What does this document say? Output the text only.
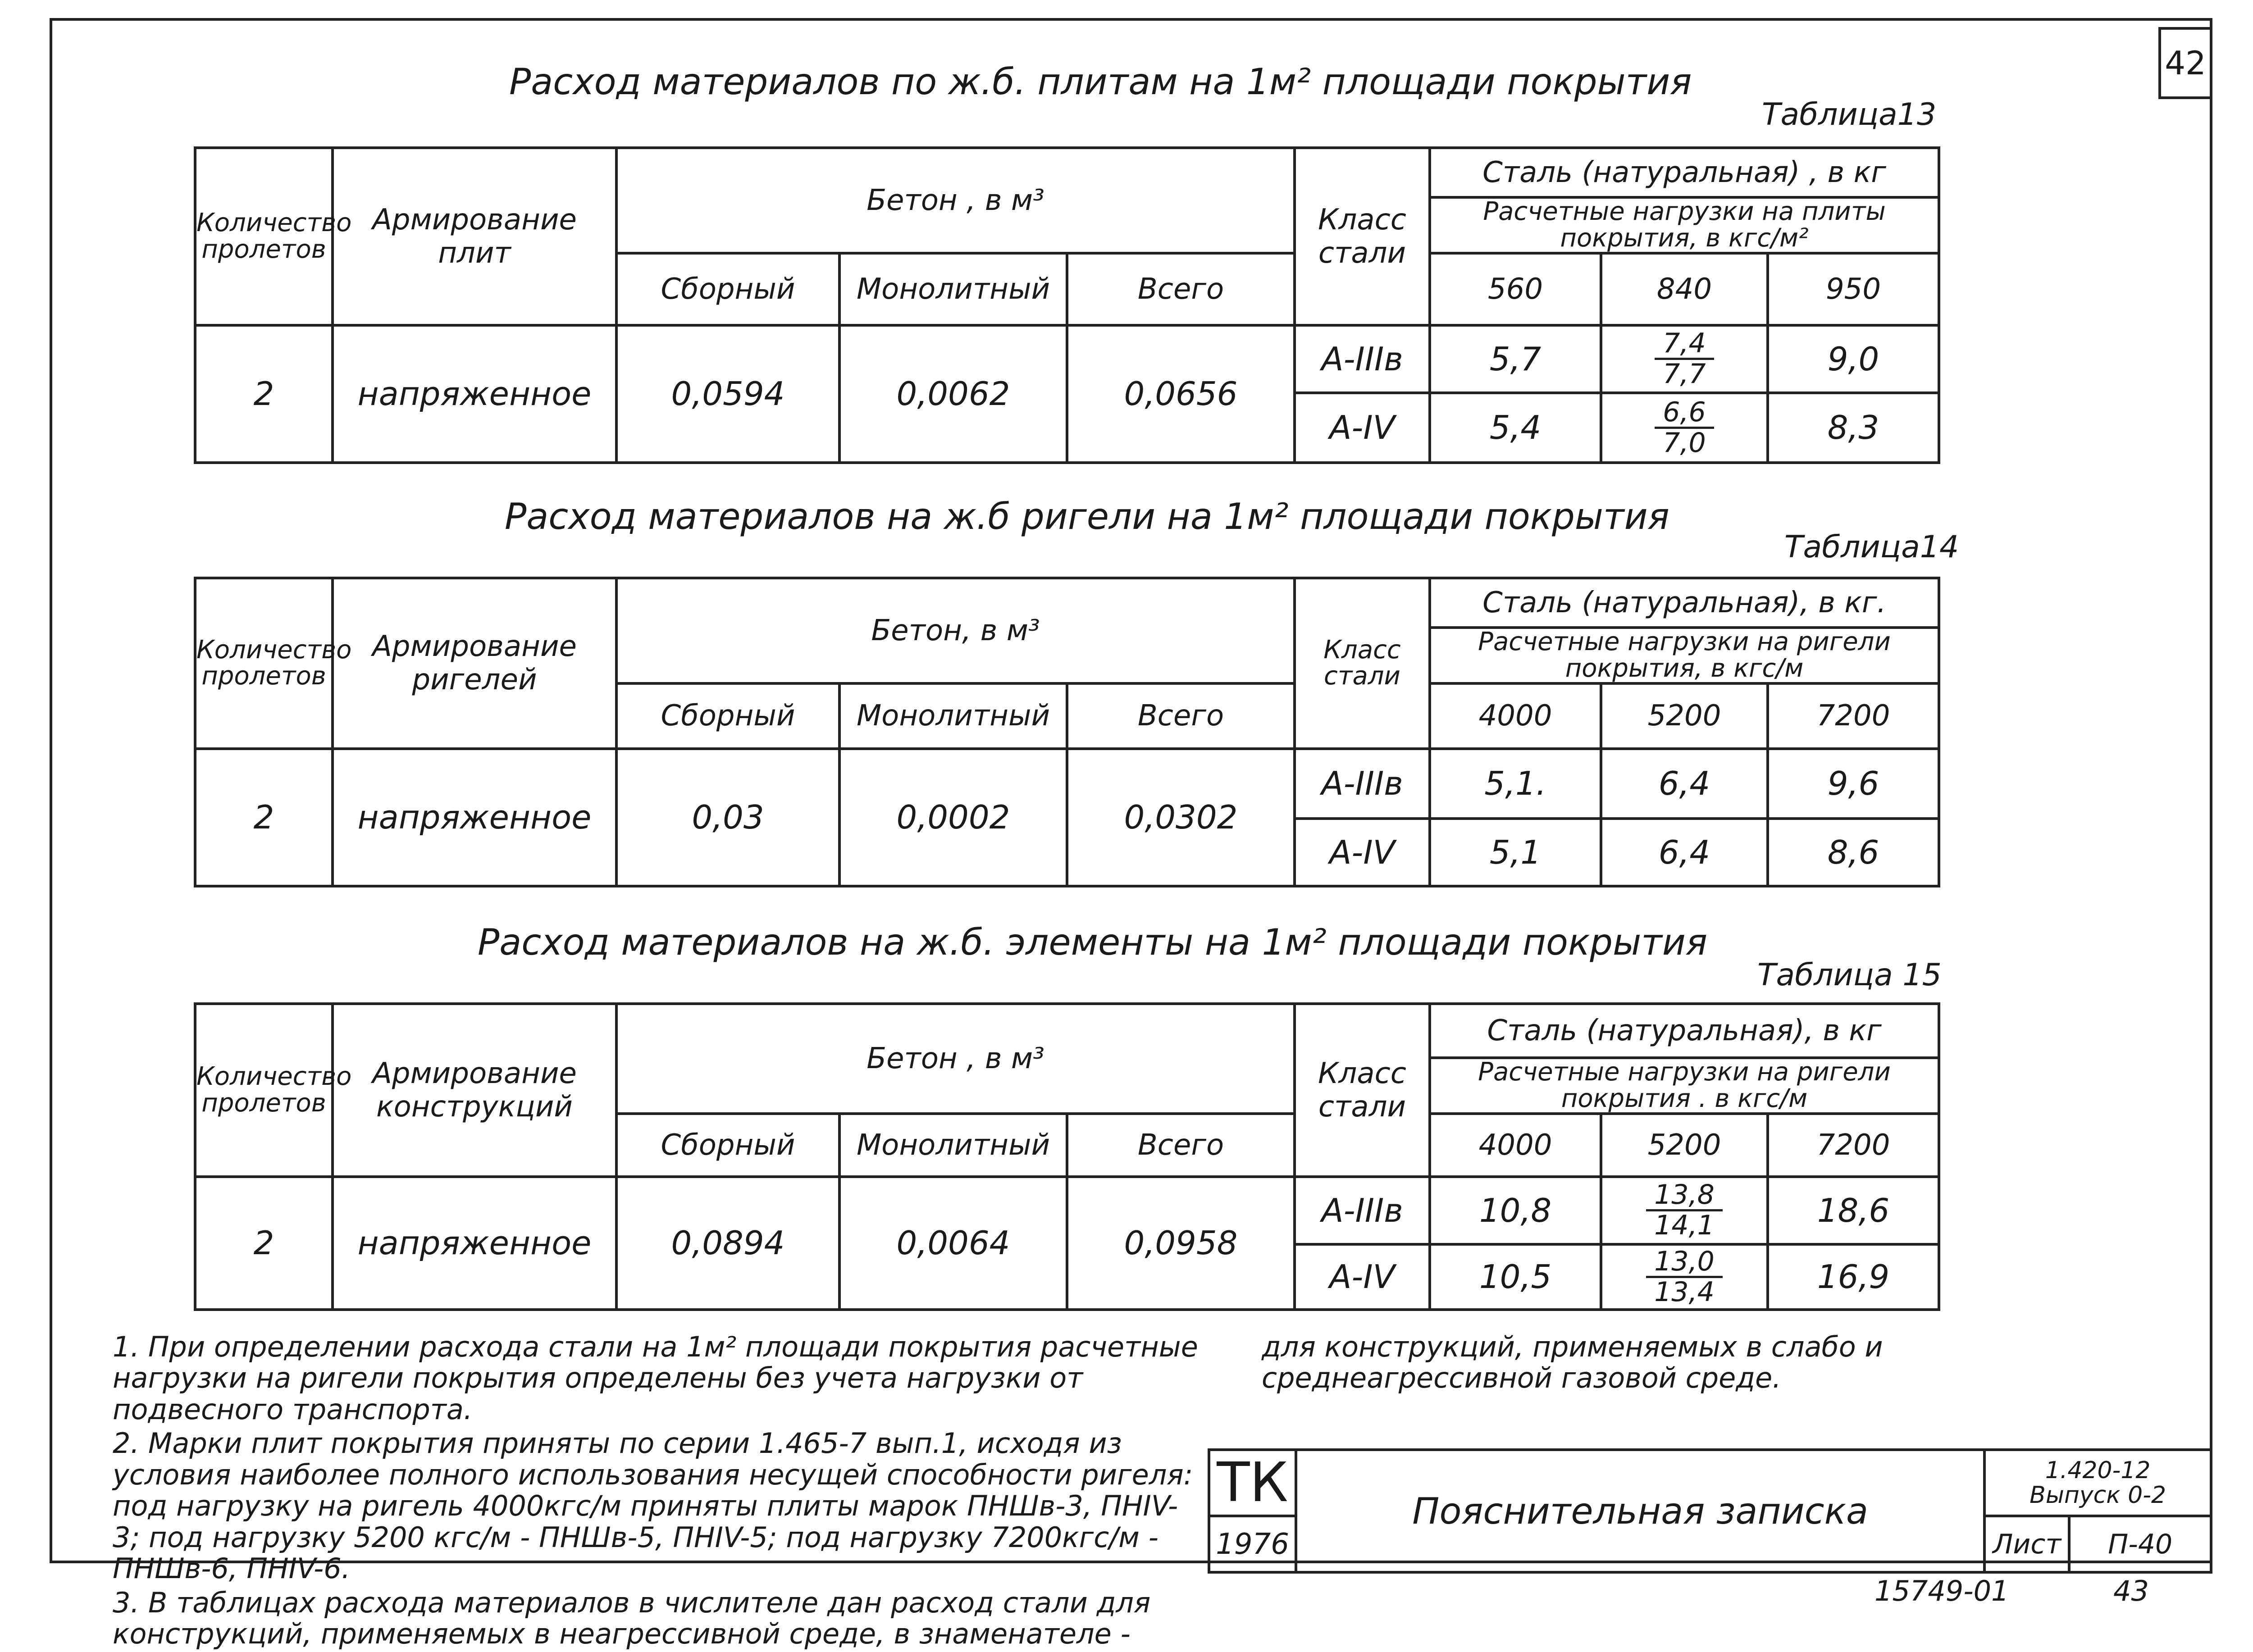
42
Расход материалов по ж.б. плитам на 1м² площади покрытия
Таблица13
Количество пролетов	Армирование плит	Бетон , в м³			Класс стали	Сталь (натуральная) , в кг		
						Расчетные нагрузки на плиты покрытия, в кгс/м²		
		Сборный	Монолитный	Всего		560	840	950
2	напряженное	0,0594	0,0062	0,0656	А-IIIв	5,7	$\frac{7,4}{7,7}$	9,0
					А-IV	5,4	$\frac{6,6}{7,0}$	8,3
Расход материалов на ж.б ригели на 1м² площади покрытия
Таблица14
Количество пролетов	Армирование ригелей	Бетон, в м³			Класс стали	Сталь (натуральная), в кг.		
						Расчетные нагрузки на ригели покрытия, в кгс/м		
		Сборный	Монолитный	Всего		4000	5200	7200
2	напряженное	0,03	0,0002	0,0302	А-IIIв	5,1.	6,4	9,6
					А-IV	5,1	6,4	8,6
Расход материалов на ж.б. элементы на 1м² площади покрытия
Таблица 15
Количество пролетов	Армирование конструкций	Бетон , в м³			Класс стали	Сталь (натуральная), в кг		
						Расчетные нагрузки на ригели покрытия . в кгс/м		
		Сборный	Монолитный	Всего		4000	5200	7200
2	напряженное	0,0894	0,0064	0,0958	А-IIIв	10,8	$\frac{13,8}{14,1}$	18,6
					А-IV	10,5	$\frac{13,0}{13,4}$	16,9

1. При определении расхода стали на 1м² площади покрытия расчетные нагрузки на ригели покрытия определены без учета нагрузки от подвесного транспорта.

2. Марки плит покрытия приняты по серии 1.465-7 вып.1, исходя из условия наиболее полного использования несущей способности ригеля: под нагрузку на ригель 4000кгс/м приняты плиты марок ПНШв-3, ПНIV-3; под нагрузку 5200 кгс/м - ПНШв-5, ПНIV-5; под нагрузку 7200кгс/м - ПНШв-6, ПНIV-6.

3. В таблицах расхода материалов в числителе дан расход стали для конструкций, применяемых в неагрессивной среде, в знаменателе -

для конструкций, применяемых в слабо и среднеагрессивной газовой среде.
ТК	Пояснительная записка	1.420-12
Выпуск 0-2	

1976		Лист	П-40
15749-01	43
